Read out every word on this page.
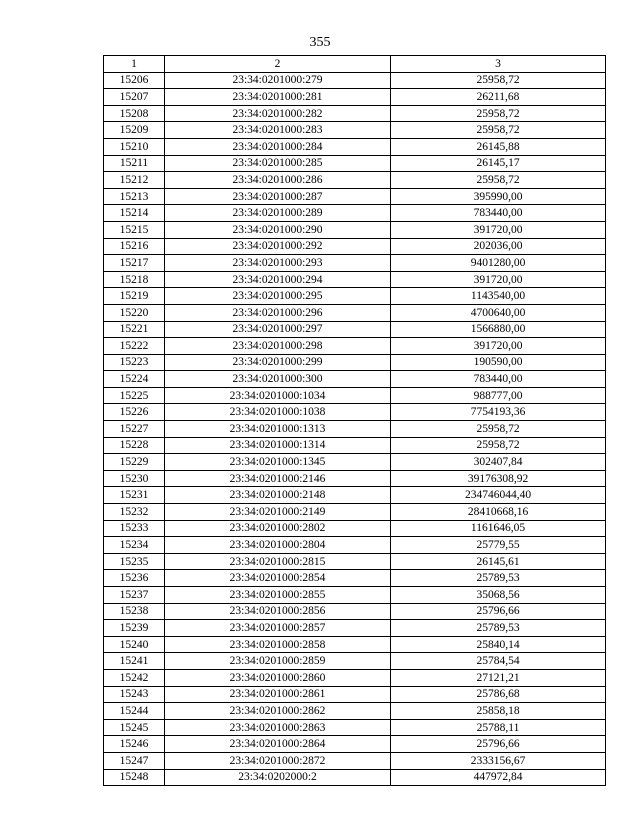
355
1	2	3
15206	23:34:0201000:279	25958,72
15207	23:34:0201000:281	26211,68
15208	23:34:0201000:282	25958,72
15209	23:34:0201000:283	25958,72
15210	23:34:0201000:284	26145,88
15211	23:34:0201000:285	26145,17
15212	23:34:0201000:286	25958,72
15213	23:34:0201000:287	395990,00
15214	23:34:0201000:289	783440,00
15215	23:34:0201000:290	391720,00
15216	23:34:0201000:292	202036,00
15217	23:34:0201000:293	9401280,00
15218	23:34:0201000:294	391720,00
15219	23:34:0201000:295	1143540,00
15220	23:34:0201000:296	4700640,00
15221	23:34:0201000:297	1566880,00
15222	23:34:0201000:298	391720,00
15223	23:34:0201000:299	190590,00
15224	23:34:0201000:300	783440,00
15225	23:34:0201000:1034	988777,00
15226	23:34:0201000:1038	7754193,36
15227	23:34:0201000:1313	25958,72
15228	23:34:0201000:1314	25958,72
15229	23:34:0201000:1345	302407,84
15230	23:34:0201000:2146	39176308,92
15231	23:34:0201000:2148	234746044,40
15232	23:34:0201000:2149	28410668,16
15233	23:34:0201000:2802	1161646,05
15234	23:34:0201000:2804	25779,55
15235	23:34:0201000:2815	26145,61
15236	23:34:0201000:2854	25789,53
15237	23:34:0201000:2855	35068,56
15238	23:34:0201000:2856	25796,66
15239	23:34:0201000:2857	25789,53
15240	23:34:0201000:2858	25840,14
15241	23:34:0201000:2859	25784,54
15242	23:34:0201000:2860	27121,21
15243	23:34:0201000:2861	25786,68
15244	23:34:0201000:2862	25858,18
15245	23:34:0201000:2863	25788,11
15246	23:34:0201000:2864	25796,66
15247	23:34:0201000:2872	2333156,67
15248	23:34:0202000:2	447972,84
